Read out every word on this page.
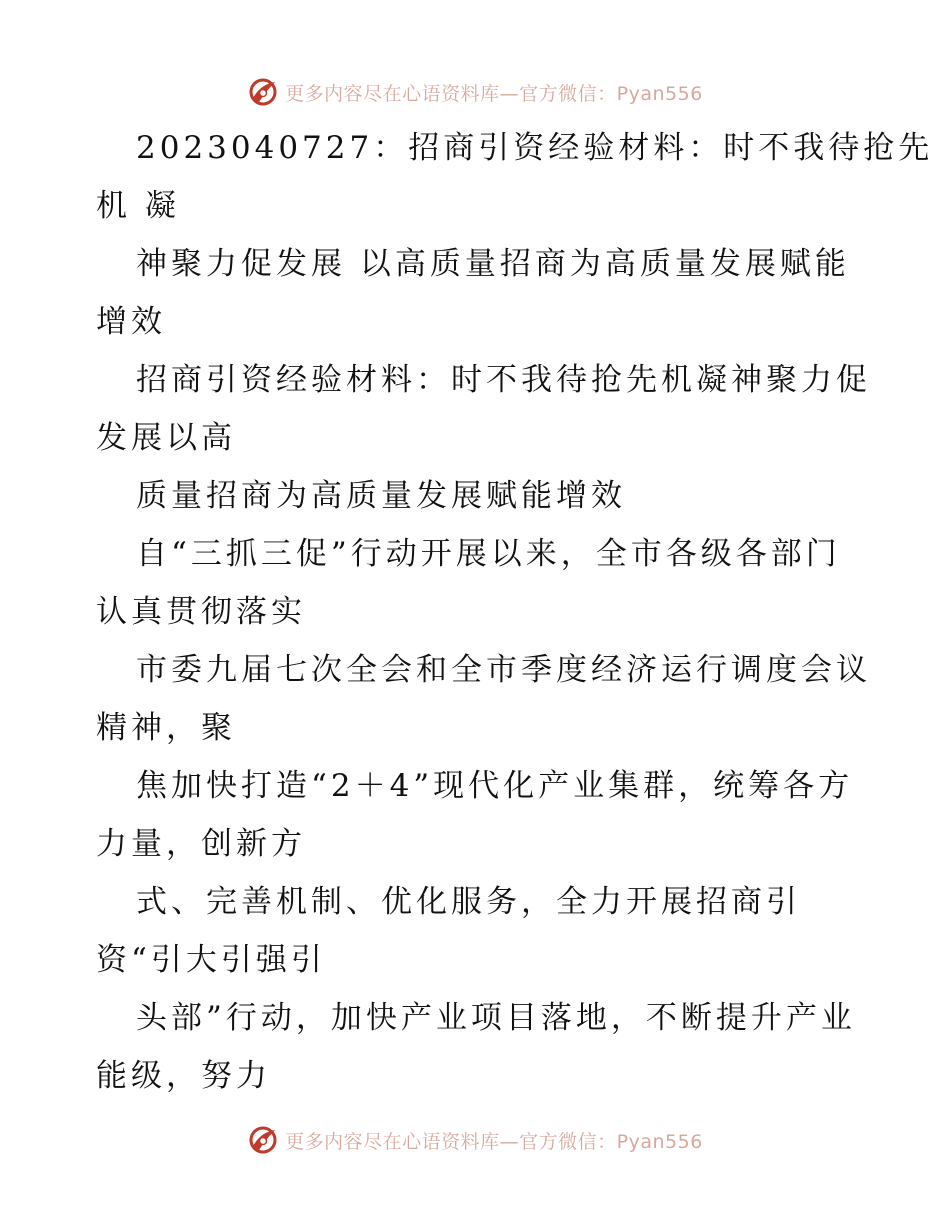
更多内容尽在心语资料库—官方微信：Pyan556
2023040727：招商引资经验材料：时不我待抢先
机 凝
神聚力促发展 以高质量招商为高质量发展赋能
增效
招商引资经验材料：时不我待抢先机凝神聚力促
发展以高
质量招商为高质量发展赋能增效
自“三抓三促”行动开展以来，全市各级各部门
认真贯彻落实
市委九届七次全会和全市季度经济运行调度会议
精神，聚
焦加快打造“2＋4”现代化产业集群，统筹各方
力量，创新方
式、完善机制、优化服务，全力开展招商引
资“引大引强引
头部”行动，加快产业项目落地，不断提升产业
能级，努力
更多内容尽在心语资料库—官方微信：Pyan556
